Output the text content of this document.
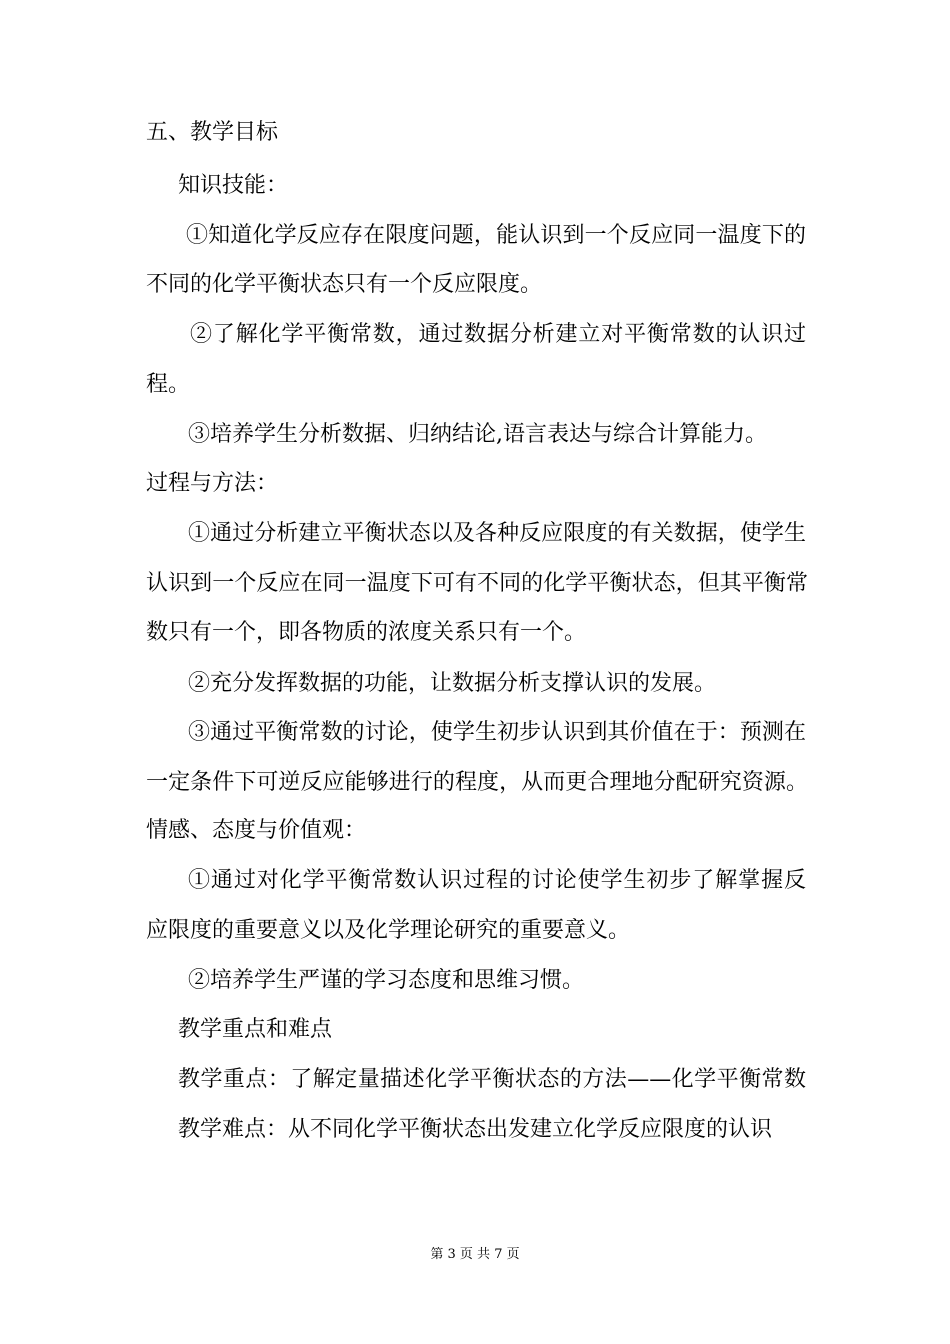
五、教学目标
知识技能：
①知道化学反应存在限度问题，能认识到一个反应同一温度下的
不同的化学平衡状态只有一个反应限度。
②了解化学平衡常数，通过数据分析建立对平衡常数的认识过
程。
③培养学生分析数据、归纳结论,语言表达与综合计算能力。
过程与方法：
①通过分析建立平衡状态以及各种反应限度的有关数据，使学生
认识到一个反应在同一温度下可有不同的化学平衡状态，但其平衡常
数只有一个，即各物质的浓度关系只有一个。
②充分发挥数据的功能，让数据分析支撑认识的发展。
③通过平衡常数的讨论，使学生初步认识到其价值在于：预测在
一定条件下可逆反应能够进行的程度，从而更合理地分配研究资源。
情感、态度与价值观：
①通过对化学平衡常数认识过程的讨论使学生初步了解掌握反
应限度的重要意义以及化学理论研究的重要意义。
②培养学生严谨的学习态度和思维习惯。
教学重点和难点
教学重点：了解定量描述化学平衡状态的方法——化学平衡常数
教学难点：从不同化学平衡状态出发建立化学反应限度的认识
第 3 页 共 7 页
